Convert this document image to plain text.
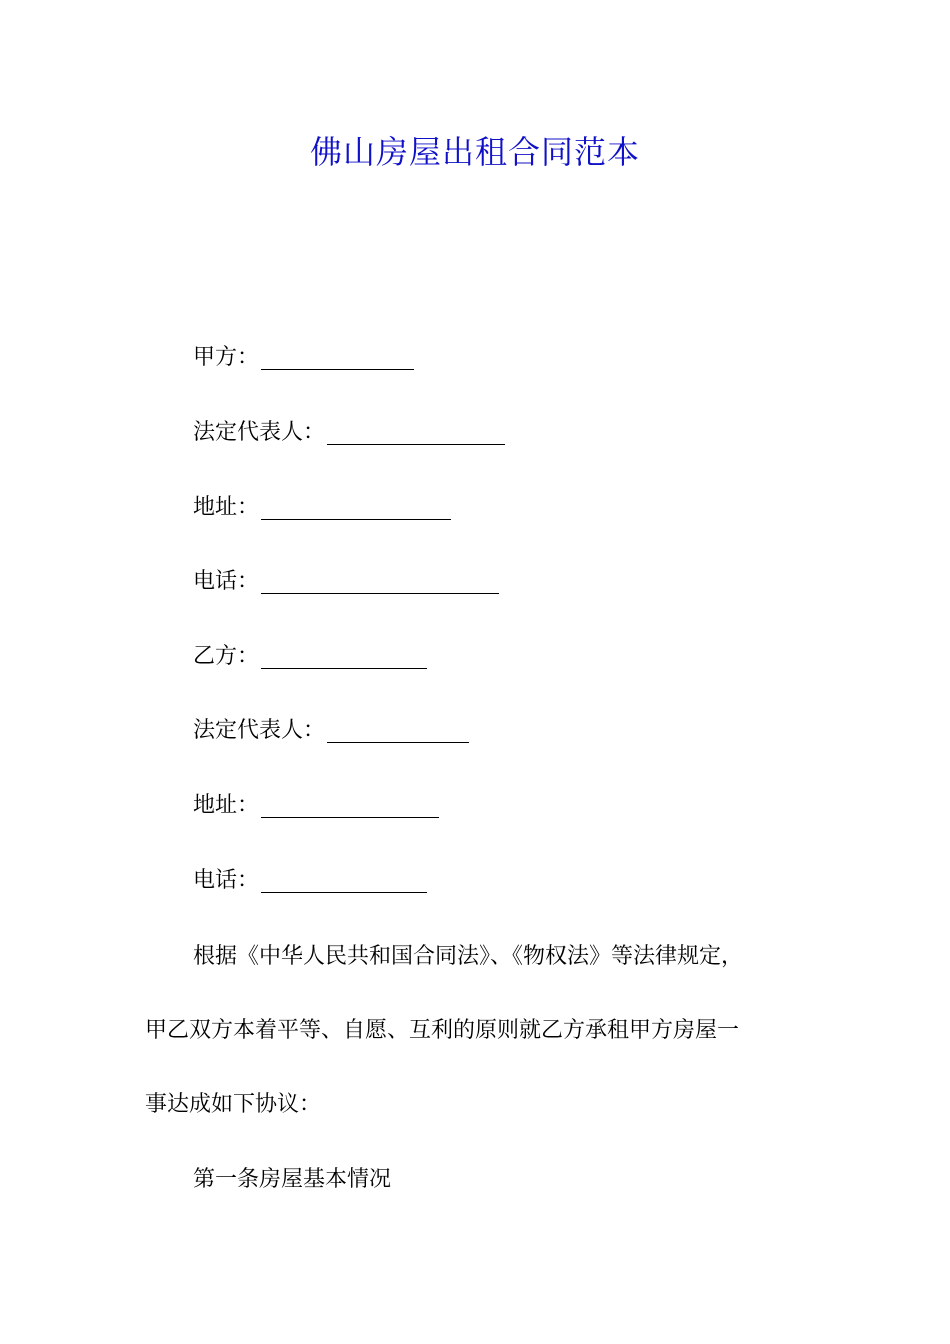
佛山房屋出租合同范本
甲方：
法定代表人：
地址：
电话：
乙方：
法定代表人：
地址：
电话：
根据《中华人民共和国合同法》、《物权法》等法律规定，
甲乙双方本着平等、自愿、互利的原则就乙方承租甲方房屋一
事达成如下协议：
第一条房屋基本情况
